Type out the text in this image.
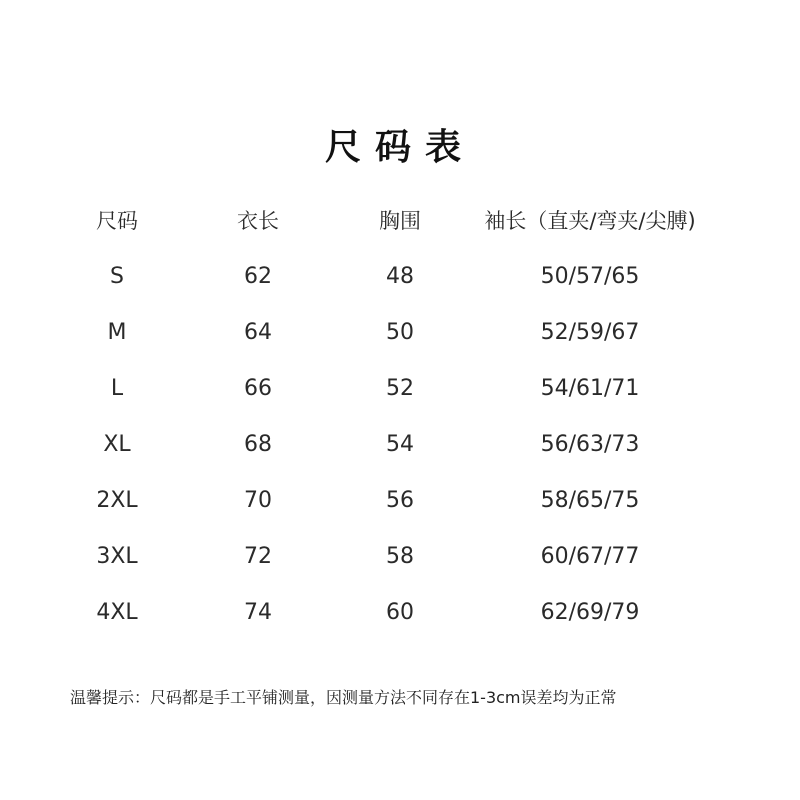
尺码表
尺码	衣长	胸围	袖长（直夹/弯夹/尖膊)
S	62	48	50/57/65
M	64	50	52/59/67
L	66	52	54/61/71
XL	68	54	56/63/73
2XL	70	56	58/65/75
3XL	72	58	60/67/77
4XL	74	60	62/69/79
温馨提示：尺码都是手工平铺测量，因测量方法不同存在1-3cm误差均为正常
